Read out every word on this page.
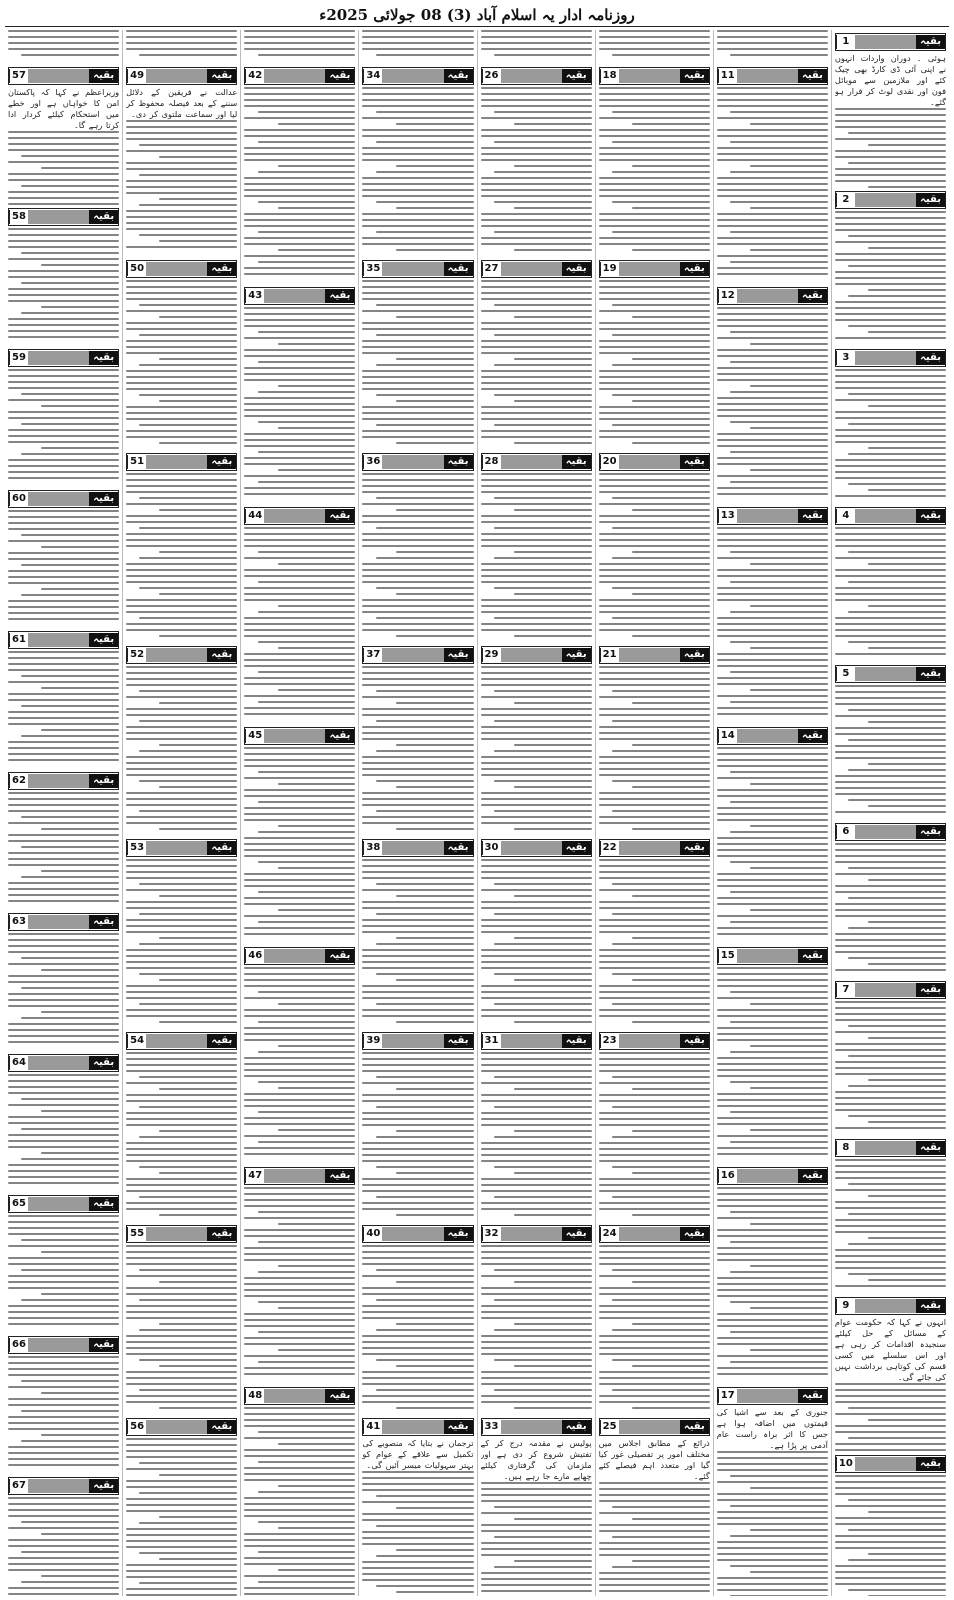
روزنامہ ادار یہ اسلام آباد (3) 08 جولائی 2025ء
بقیہ
1
ہوئی ۔ دوران واردات انہوں نے اپنی آئی ڈی کارڈ بھی چیک کئے اور ملازمین سے موبائل فون اور نقدی لوٹ کر فرار ہو گئے۔
بقیہ
2
بقیہ
3
بقیہ
4
بقیہ
5
بقیہ
6
بقیہ
7
بقیہ
8
بقیہ
9
انہوں نے کہا کہ حکومت عوام کے مسائل کے حل کیلئے سنجیدہ اقدامات کر رہی ہے اور اس سلسلے میں کسی قسم کی کوتاہی برداشت نہیں کی جائے گی۔
بقیہ
10
بقیہ
11
بقیہ
12
بقیہ
13
بقیہ
14
بقیہ
15
بقیہ
16
بقیہ
17
جنوری کے بعد سے اشیا کی قیمتوں میں اضافہ ہوا ہے جس کا اثر براہ راست عام آدمی پر پڑا ہے۔
بقیہ
18
بقیہ
19
بقیہ
20
بقیہ
21
بقیہ
22
بقیہ
23
بقیہ
24
بقیہ
25
ذرائع کے مطابق اجلاس میں مختلف امور پر تفصیلی غور کیا گیا اور متعدد اہم فیصلے کئے گئے۔
بقیہ
26
بقیہ
27
بقیہ
28
بقیہ
29
بقیہ
30
بقیہ
31
بقیہ
32
بقیہ
33
پولیس نے مقدمہ درج کر کے تفتیش شروع کر دی ہے اور ملزمان کی گرفتاری کیلئے چھاپے مارے جا رہے ہیں۔
بقیہ
34
بقیہ
35
بقیہ
36
بقیہ
37
بقیہ
38
بقیہ
39
بقیہ
40
بقیہ
41
ترجمان نے بتایا کہ منصوبے کی تکمیل سے علاقے کے عوام کو بہتر سہولیات میسر آئیں گی۔
بقیہ
42
بقیہ
43
بقیہ
44
بقیہ
45
بقیہ
46
بقیہ
47
بقیہ
48
بقیہ
49
عدالت نے فریقین کے دلائل سننے کے بعد فیصلہ محفوظ کر لیا اور سماعت ملتوی کر دی۔
بقیہ
50
بقیہ
51
بقیہ
52
بقیہ
53
بقیہ
54
بقیہ
55
بقیہ
56
بقیہ
57
وزیراعظم نے کہا کہ پاکستان امن کا خواہاں ہے اور خطے میں استحکام کیلئے کردار ادا کرتا رہے گا۔
بقیہ
58
بقیہ
59
بقیہ
60
بقیہ
61
بقیہ
62
بقیہ
63
بقیہ
64
بقیہ
65
بقیہ
66
بقیہ
67
